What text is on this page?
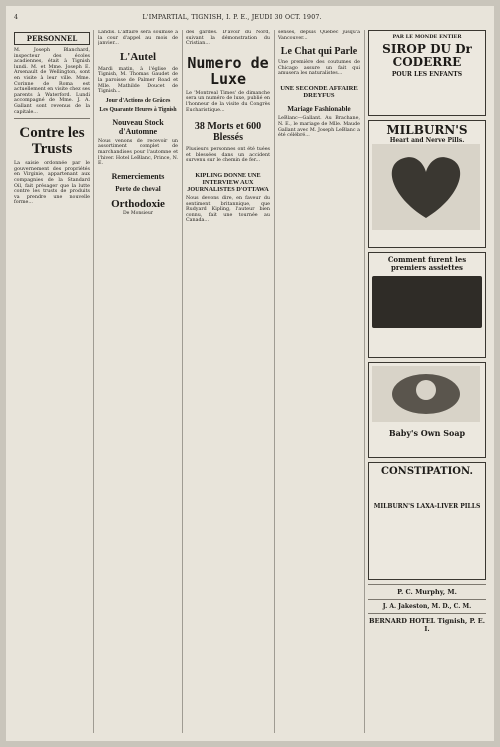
4	L'IMPARTIAL, TIGNISH, I. P. E., JEUDI 30 OCT. 1907.
PERSONNEL
M. Joseph Blanchard, inspecteur des écoles acadiennes, était à Tignish lundi. M. et Mme. Joseph E. Arsenault de Wellington, sont en visite à leur ville. Mme. Corinne de Roma est actuellement en visite chez ses parents à Waterford. Lundi accompagné de Mme. J. A. Gallant sont revenus de la capitale...
Contre les Trusts
La saisie ordonnée par le gouvernement des propriétés en Virginie, appartenant aux compagnies de la Standard Oil, fait présager que la lutte contre les trusts de produits va prendre une nouvelle forme...
Landis. L'affaire sera soumise à la cour d'appel au mois de janvier...
L'Autel
Mardi matin, à l'église de Tignish, M. Thomas Gaudet de la paroisse de Palmer Road et Mlle. Mathilde Doucet de Tignish...
Jour d'Actions de Grâces
Les Quarante Heures à Tignish
Nouveau Stock d'Automne
Nous venons de recevoir un assortiment complet de marchandises pour l'automne et l'hiver. Hotel LeBlanc, Prince, N. E.
Remerciements
Perte de cheval
Orthodoxie
De Monsieur
des gardes. D'avoir du Nord, suivant la démonstration du Cristian...
Numero de Luxe
Le 'Montreal Times' de dimanche sera un numéro de luxe, publié en l'honneur de la visite du Congrès Eucharistique...
38 Morts et 600 Blessés
Plusieurs personnes ont été tuées et blessées dans un accident survenu sur le chemin de fer...
KIPLING DONNE UNE INTERVIEW AUX JOURNALISTES D'OTTAWA
Nous devons dire, en faveur du sentiment britannique, que Rudyard Kipling, l'auteur bien connu, fait une tournée au Canada...
sensés, depuis Québec jusqu'à Vancouver...
Le Chat qui Parle
Une première des coutumes de Chicago assure un fait qui amusera les naturalistes...
UNE SECONDE AFFAIRE DREYFUS
Mariage Fashionable
LeBlanc—Gallant. Au Brachane, N. E., le mariage de Mlle. Maude Gallant avec M. Joseph LeBlanc a été célébré...
PAR LE MONDE ENTIER
SIROP DU Dr CODERRE
POUR LES ENFANTS
MILBURN'S
Heart and Nerve Pills.
Comment furent les premiers assiettes
Baby's Own Soap
CONSTIPATION.
MILBURN'S LAXA-LIVER PILLS
P. C. Murphy, M.
J. A. Jakeston, M. D., C. M.
BERNARD HOTEL Tignish, P. E. I.
